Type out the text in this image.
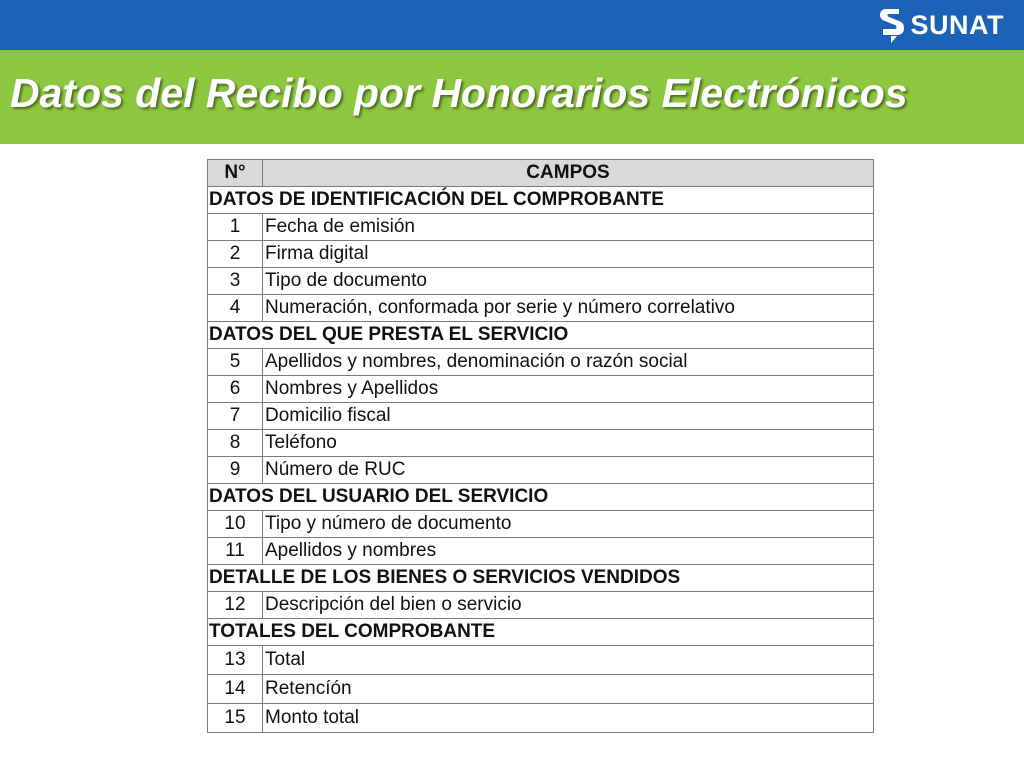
SUNAT
Datos del Recibo por Honorarios Electrónicos
N°	CAMPOS
DATOS DE IDENTIFICACIÓN DEL COMPROBANTE	
1	Fecha de emisión
2	Firma digital
3	Tipo de documento
4	Numeración, conformada por serie y número correlativo
DATOS DEL QUE PRESTA EL SERVICIO	
5	Apellidos y nombres, denominación o razón social
6	Nombres y Apellidos
7	Domicilio fiscal
8	Teléfono
9	Número de RUC
DATOS DEL USUARIO DEL SERVICIO	
10	Tipo y número de documento
11	Apellidos y nombres
DETALLE DE LOS BIENES O SERVICIOS VENDIDOS	
12	Descripción del bien o servicio
TOTALES DEL COMPROBANTE	
13	Total
14	Retencíón
15	Monto total
